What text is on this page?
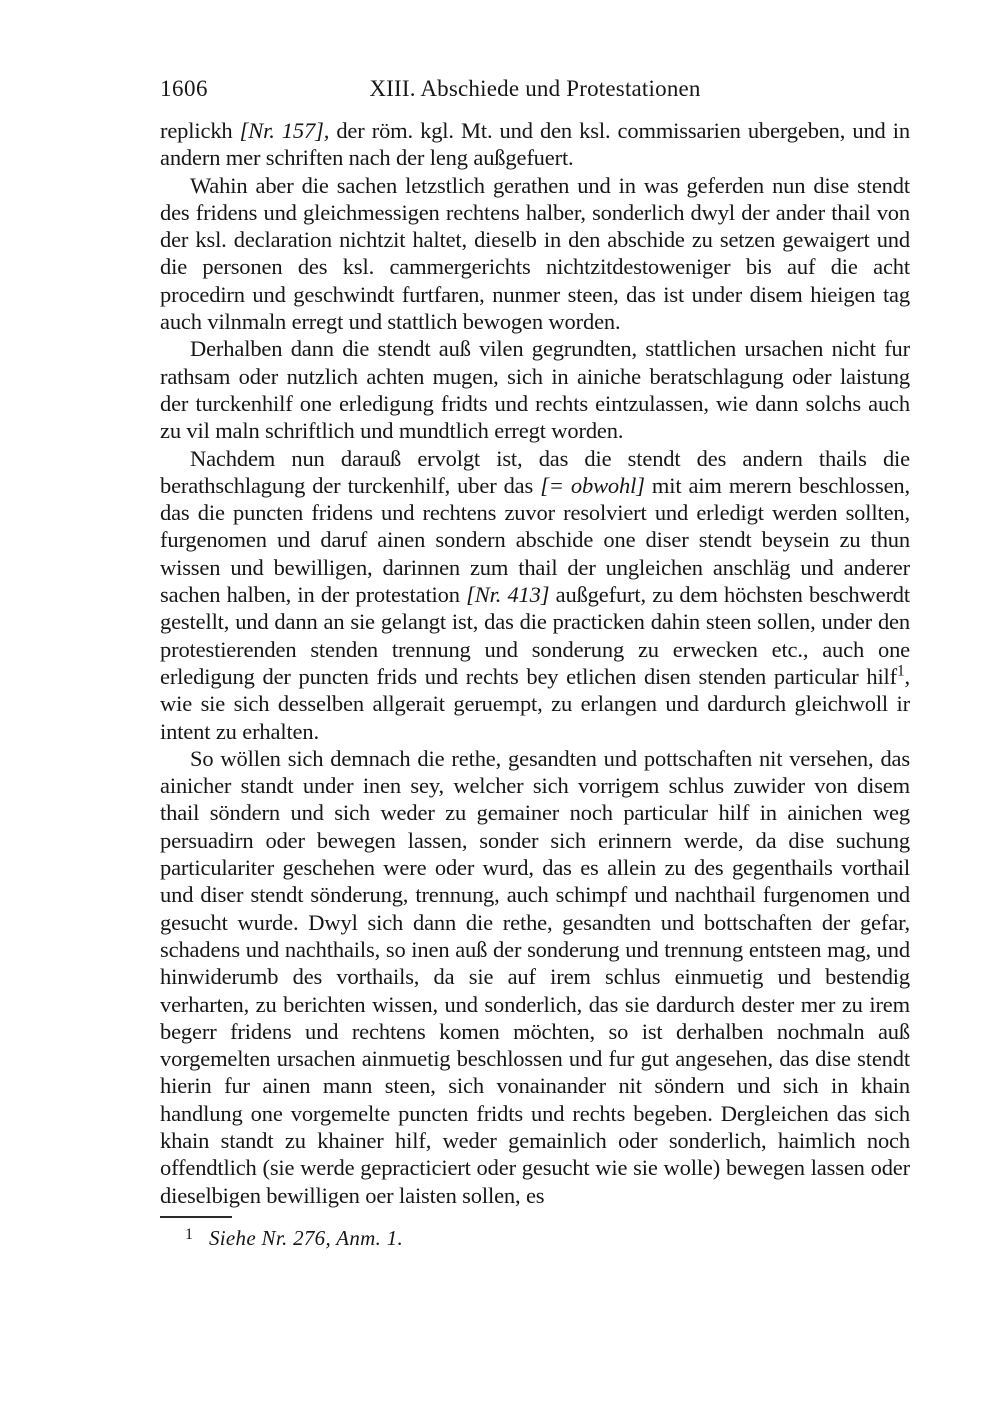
1606	XIII. Abschiede und Protestationen

replickh [Nr. 157], der röm. kgl. Mt. und den ksl. commissarien ubergeben, und in andern mer schriften nach der leng außgefuert.

Wahin aber die sachen letzstlich gerathen und in was geferden nun dise stendt des fridens und gleichmessigen rechtens halber, sonderlich dwyl der ander thail von der ksl. declaration nichtzit haltet, dieselb in den abschide zu setzen gewaigert und die personen des ksl. cammergerichts nichtzitdestoweniger bis auf die acht procedirn und geschwindt furtfaren, nunmer steen, das ist under disem hieigen tag auch vilnmaln erregt und stattlich bewogen worden.

Derhalben dann die stendt auß vilen gegrundten, stattlichen ursachen nicht fur rathsam oder nutzlich achten mugen, sich in ainiche beratschlagung oder laistung der turckenhilf one erledigung fridts und rechts eintzulassen, wie dann solchs auch zu vil maln schriftlich und mundtlich erregt worden.

Nachdem nun darauß ervolgt ist, das die stendt des andern thails die berathschlagung der turckenhilf, uber das [= obwohl] mit aim merern beschlossen, das die puncten fridens und rechtens zuvor resolviert und erledigt werden sollten, furgenomen und daruf ainen sondern abschide one diser stendt beysein zu thun wissen und bewilligen, darinnen zum thail der ungleichen anschläg und anderer sachen halben, in der protestation [Nr. 413] außgefurt, zu dem höchsten beschwerdt gestellt, und dann an sie gelangt ist, das die practicken dahin steen sollen, under den protestierenden stenden trennung und sonderung zu erwecken etc., auch one erledigung der puncten frids und rechts bey etlichen disen stenden particular hilf$^1$, wie sie sich desselben allgerait geruempt, zu erlangen und dardurch gleichwoll ir intent zu erhalten.

So wöllen sich demnach die rethe, gesandten und pottschaften nit versehen, das ainicher standt under inen sey, welcher sich vorrigem schlus zuwider von disem thail söndern und sich weder zu gemainer noch particular hilf in ainichen weg persuadirn oder bewegen lassen, sonder sich erinnern werde, da dise suchung particulariter geschehen were oder wurd, das es allein zu des gegenthails vorthail und diser stendt sönderung, trennung, auch schimpf und nachthail furgenomen und gesucht wurde. Dwyl sich dann die rethe, gesandten und bottschaften der gefar, schadens und nachthails, so inen auß der sonderung und trennung entsteen mag, und hinwiderumb des vorthails, da sie auf irem schlus einmuetig und bestendig verharten, zu berichten wissen, und sonderlich, das sie dardurch dester mer zu irem begerr fridens und rechtens komen möchten, so ist derhalben nochmaln auß vorgemelten ursachen ainmuetig beschlossen und fur gut angesehen, das dise stendt hierin fur ainen mann steen, sich vonainander nit söndern und sich in khain handlung one vorgemelte puncten fridts und rechts begeben. Dergleichen das sich khain standt zu khainer hilf, weder gemainlich oder sonderlich, haimlich noch offendtlich (sie werde gepracticiert oder gesucht wie sie wolle) bewegen lassen oder dieselbigen bewilligen oer laisten sollen, es

$^1$ Siehe Nr. 276, Anm. 1.
